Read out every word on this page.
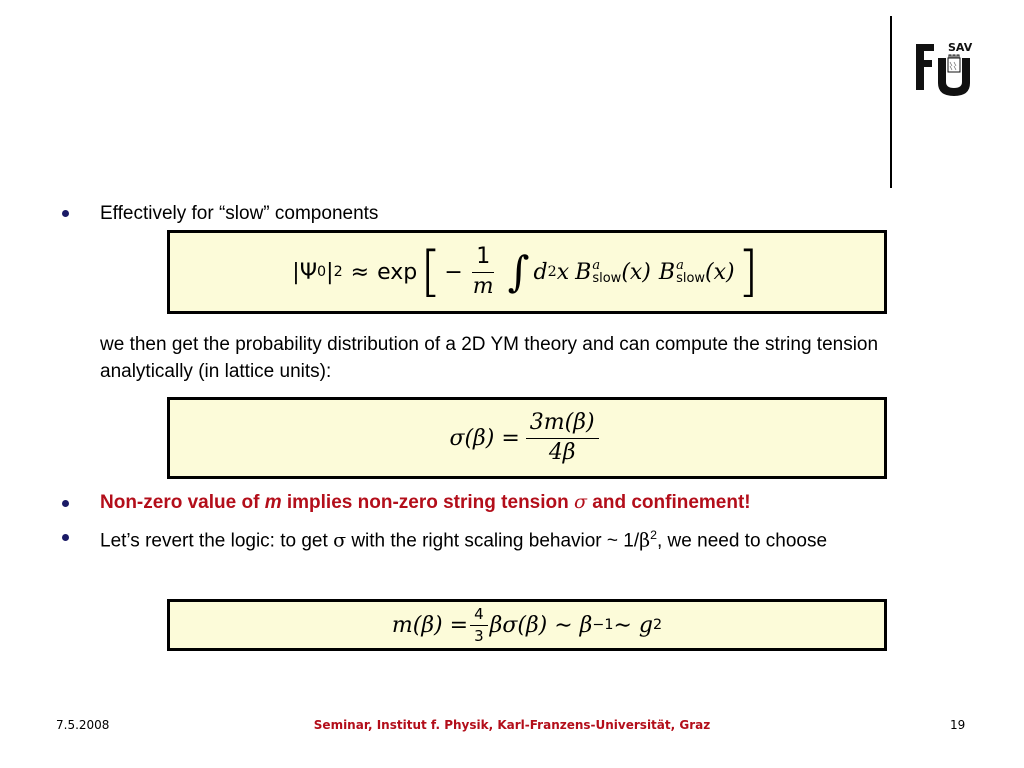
SAV
Effectively for “slow” components
|Ψ 0 | 2 ≈ exp [ − $\frac{1}{m}$ ∫ d 2 x B a
slow (x) B a
slow (x) ]
we then get the probability distribution of a 2D YM theory and can compute the string tension analytically (in lattice units):
$\sigma(\beta) = \frac{3m(\beta)}{4\beta}$
Non-zero value of m implies non-zero string tension σ and confinement!
Let’s revert the logic: to get σ with the right scaling behavior ~ $1/\beta^2$, we need to choose
$m(\beta) = \frac{4}{3} \beta\sigma(\beta)$ ∼ β −1 ∼ g 2
7.5.2008	Seminar, Institut f. Physik, Karl-Franzens-Universität, Graz	19
